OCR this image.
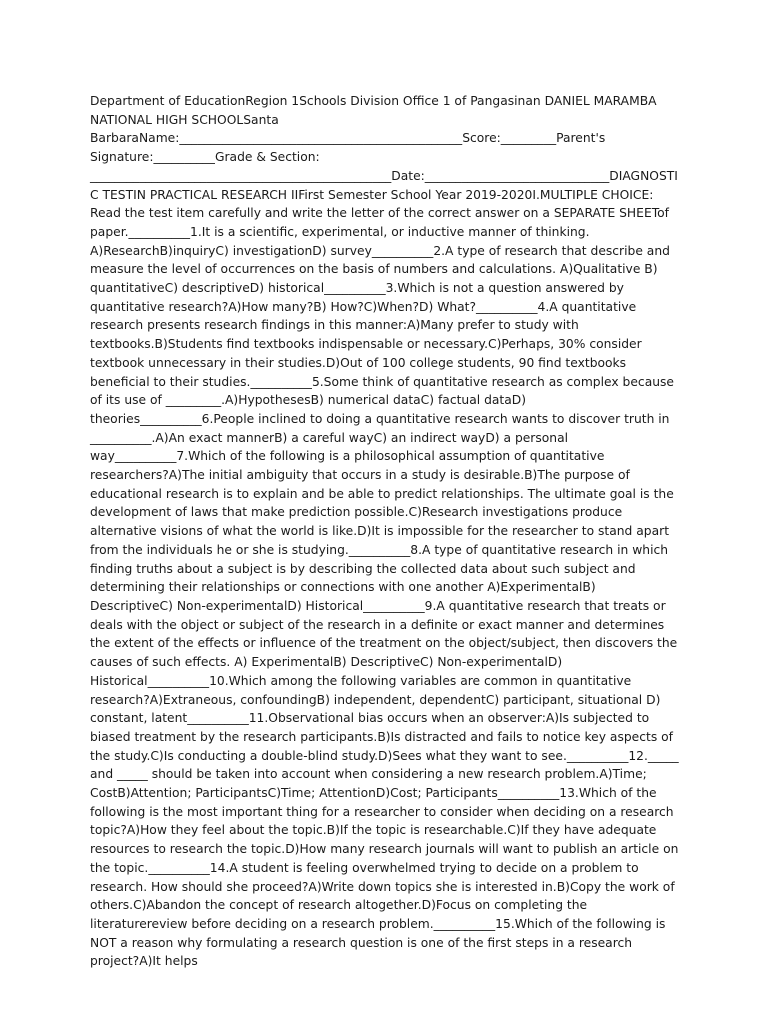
Department of EducationRegion 1Schools Division Office 1 of Pangasinan DANIEL MARAMBA NATIONAL HIGH SCHOOLSanta BarbaraName:______________________________________________Score:_________Parent's Signature:__________Grade & Section: _________________________________________________Date:______________________________DIAGNOSTIC TESTIN PRACTICAL RESEARCH IIFirst Semester School Year 2019-2020I.MULTIPLE CHOICE: Read the test item carefully and write the letter of the correct answer on a SEPARATE SHEETof paper.__________1.It is a scientific, experimental, or inductive manner of thinking. A)ResearchB)inquiryC) investigationD) survey__________2.A type of research that describe and measure the level of occurrences on the basis of numbers and calculations. A)Qualitative B) quantitativeC) descriptiveD) historical__________3.Which is not a question answered by quantitative research?A)How many?B) How?C)When?D) What?__________4.A quantitative research presents research findings in this manner:A)Many prefer to study with textbooks.B)Students find textbooks indispensable or necessary.C)Perhaps, 30% consider textbook unnecessary in their studies.D)Out of 100 college students, 90 find textbooks beneficial to their studies.__________5.Some think of quantitative research as complex because of its use of _________.A)HypothesesB) numerical dataC) factual dataD) theories__________6.People inclined to doing a quantitative research wants to discover truth in __________.A)An exact mannerB) a careful wayC) an indirect wayD) a personal way__________7.Which of the following is a philosophical assumption of quantitative researchers?A)The initial ambiguity that occurs in a study is desirable.B)The purpose of educational research is to explain and be able to predict relationships. The ultimate goal is the development of laws that make prediction possible.C)Research investigations produce alternative visions of what the world is like.D)It is impossible for the researcher to stand apart from the individuals he or she is studying.__________8.A type of quantitative research in which finding truths about a subject is by describing the collected data about such subject and determining their relationships or connections with one another A)ExperimentalB) DescriptiveC) Non-experimentalD) Historical__________9.A quantitative research that treats or deals with the object or subject of the research in a definite or exact manner and determines the extent of the effects or influence of the treatment on the object/subject, then discovers the causes of such effects. A) ExperimentalB) DescriptiveC) Non-experimentalD) Historical__________10.Which among the following variables are common in quantitative research?A)Extraneous, confoundingB) independent, dependentC) participant, situational D) constant, latent__________11.Observational bias occurs when an observer:A)Is subjected to biased treatment by the research participants.B)Is distracted and fails to notice key aspects of the study.C)Is conducting a double-blind study.D)Sees what they want to see.__________12._____ and _____ should be taken into account when considering a new research problem.A)Time; CostB)Attention; ParticipantsC)Time; AttentionD)Cost; Participants__________13.Which of the following is the most important thing for a researcher to consider when deciding on a research topic?A)How they feel about the topic.B)If the topic is researchable.C)If they have adequate resources to research the topic.D)How many research journals will want to publish an article on the topic.__________14.A student is feeling overwhelmed trying to decide on a problem to research. How should she proceed?A)Write down topics she is interested in.B)Copy the work of others.C)Abandon the concept of research altogether.D)Focus on completing the literaturereview before deciding on a research problem.__________15.Which of the following is NOT a reason why formulating a research question is one of the first steps in a research project?A)It helps
